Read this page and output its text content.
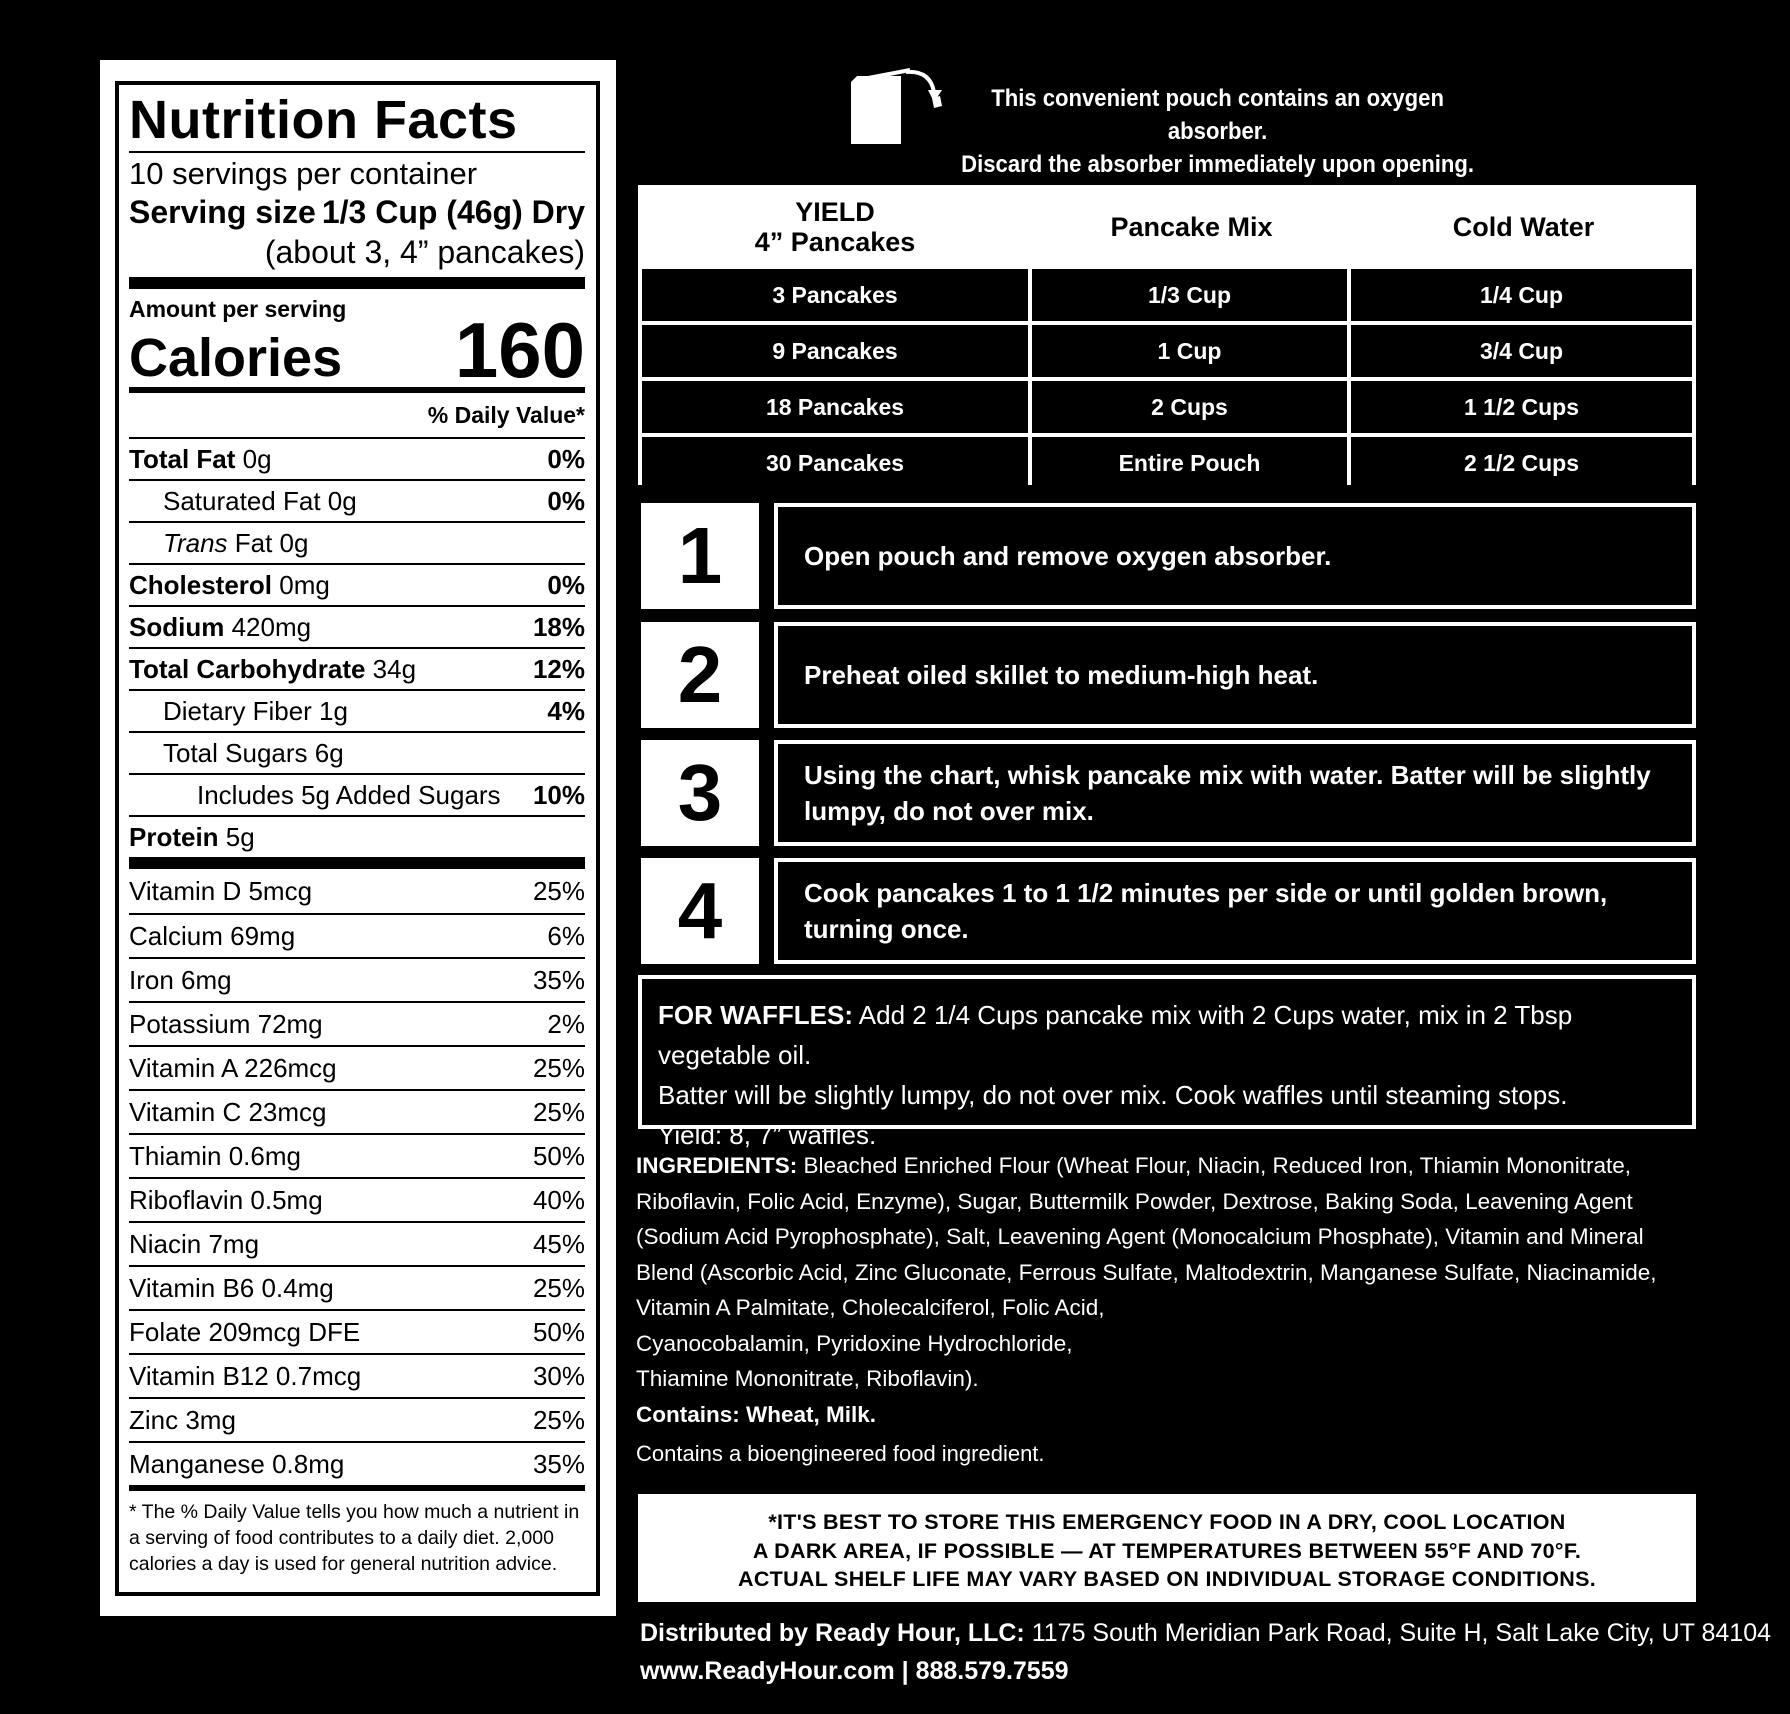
Nutrition Facts
10 servings per container
Serving size 1/3 Cup (46g) Dry
(about 3, 4” pancakes)
Amount per serving
Calories 160
% Daily Value*
Total Fat 0g	0%
Saturated Fat 0g	0%
Trans Fat 0g
Cholesterol 0mg	0%
Sodium 420mg	18%
Total Carbohydrate 34g	12%
Dietary Fiber 1g	4%
Total Sugars 6g
Includes 5g Added Sugars 10%
Protein 5g
Vitamin D 5mcg	25%
Calcium 69mg	6%
Iron 6mg	35%
Potassium 72mg	2%
Vitamin A 226mcg	25%
Vitamin C 23mcg	25%
Thiamin 0.6mg	50%
Riboflavin 0.5mg	40%
Niacin 7mg	45%
Vitamin B6 0.4mg	25%
Folate 209mcg DFE	50%
Vitamin B12 0.7mcg	30%
Zinc 3mg	25%
Manganese 0.8mg	35%
* The % Daily Value tells you how much a nutrient in a serving of food contributes to a daily diet. 2,000 calories a day is used for general nutrition advice.
This convenient pouch contains an oxygen absorber.
Discard the absorber immediately upon opening.
YIELD
4” Pancakes	Pancake Mix	Cold Water
3 Pancakes	1/3 Cup	1/4 Cup
9 Pancakes	1 Cup	3/4 Cup
18 Pancakes	2 Cups	1 1/2 Cups
30 Pancakes	Entire Pouch	2 1/2 Cups
1	Open pouch and remove oxygen absorber.
2	Preheat oiled skillet to medium-high heat.
3	Using the chart, whisk pancake mix with water. Batter will be slightly lumpy, do not over mix.
4	Cook pancakes 1 to 1 1/2 minutes per side or until golden brown, turning once.
FOR WAFFLES: Add 2 1/4 Cups pancake mix with 2 Cups water, mix in 2 Tbsp vegetable oil.
Batter will be slightly lumpy, do not over mix. Cook waffles until steaming stops.
Yield: 8, 7” waffles.
INGREDIENTS: Bleached Enriched Flour (Wheat Flour, Niacin, Reduced Iron, Thiamin Mononitrate, Riboflavin, Folic Acid, Enzyme), Sugar, Buttermilk Powder, Dextrose, Baking Soda, Leavening Agent (Sodium Acid Pyrophosphate), Salt, Leavening Agent (Monocalcium Phosphate), Vitamin and Mineral Blend (Ascorbic Acid, Zinc Gluconate, Ferrous Sulfate, Maltodextrin, Manganese Sulfate, Niacinamide, Vitamin A Palmitate, Cholecalciferol, Folic Acid,
Cyanocobalamin, Pyridoxine Hydrochloride,
Thiamine Mononitrate, Riboflavin).
Contains: Wheat, Milk.
Contains a bioengineered food ingredient.
*IT'S BEST TO STORE THIS EMERGENCY FOOD IN A DRY, COOL LOCATION
A DARK AREA, IF POSSIBLE — AT TEMPERATURES BETWEEN 55°F AND 70°F.
ACTUAL SHELF LIFE MAY VARY BASED ON INDIVIDUAL STORAGE CONDITIONS.
Distributed by Ready Hour, LLC: 1175 South Meridian Park Road, Suite H, Salt Lake City, UT 84104
www.ReadyHour.com | 888.579.7559
